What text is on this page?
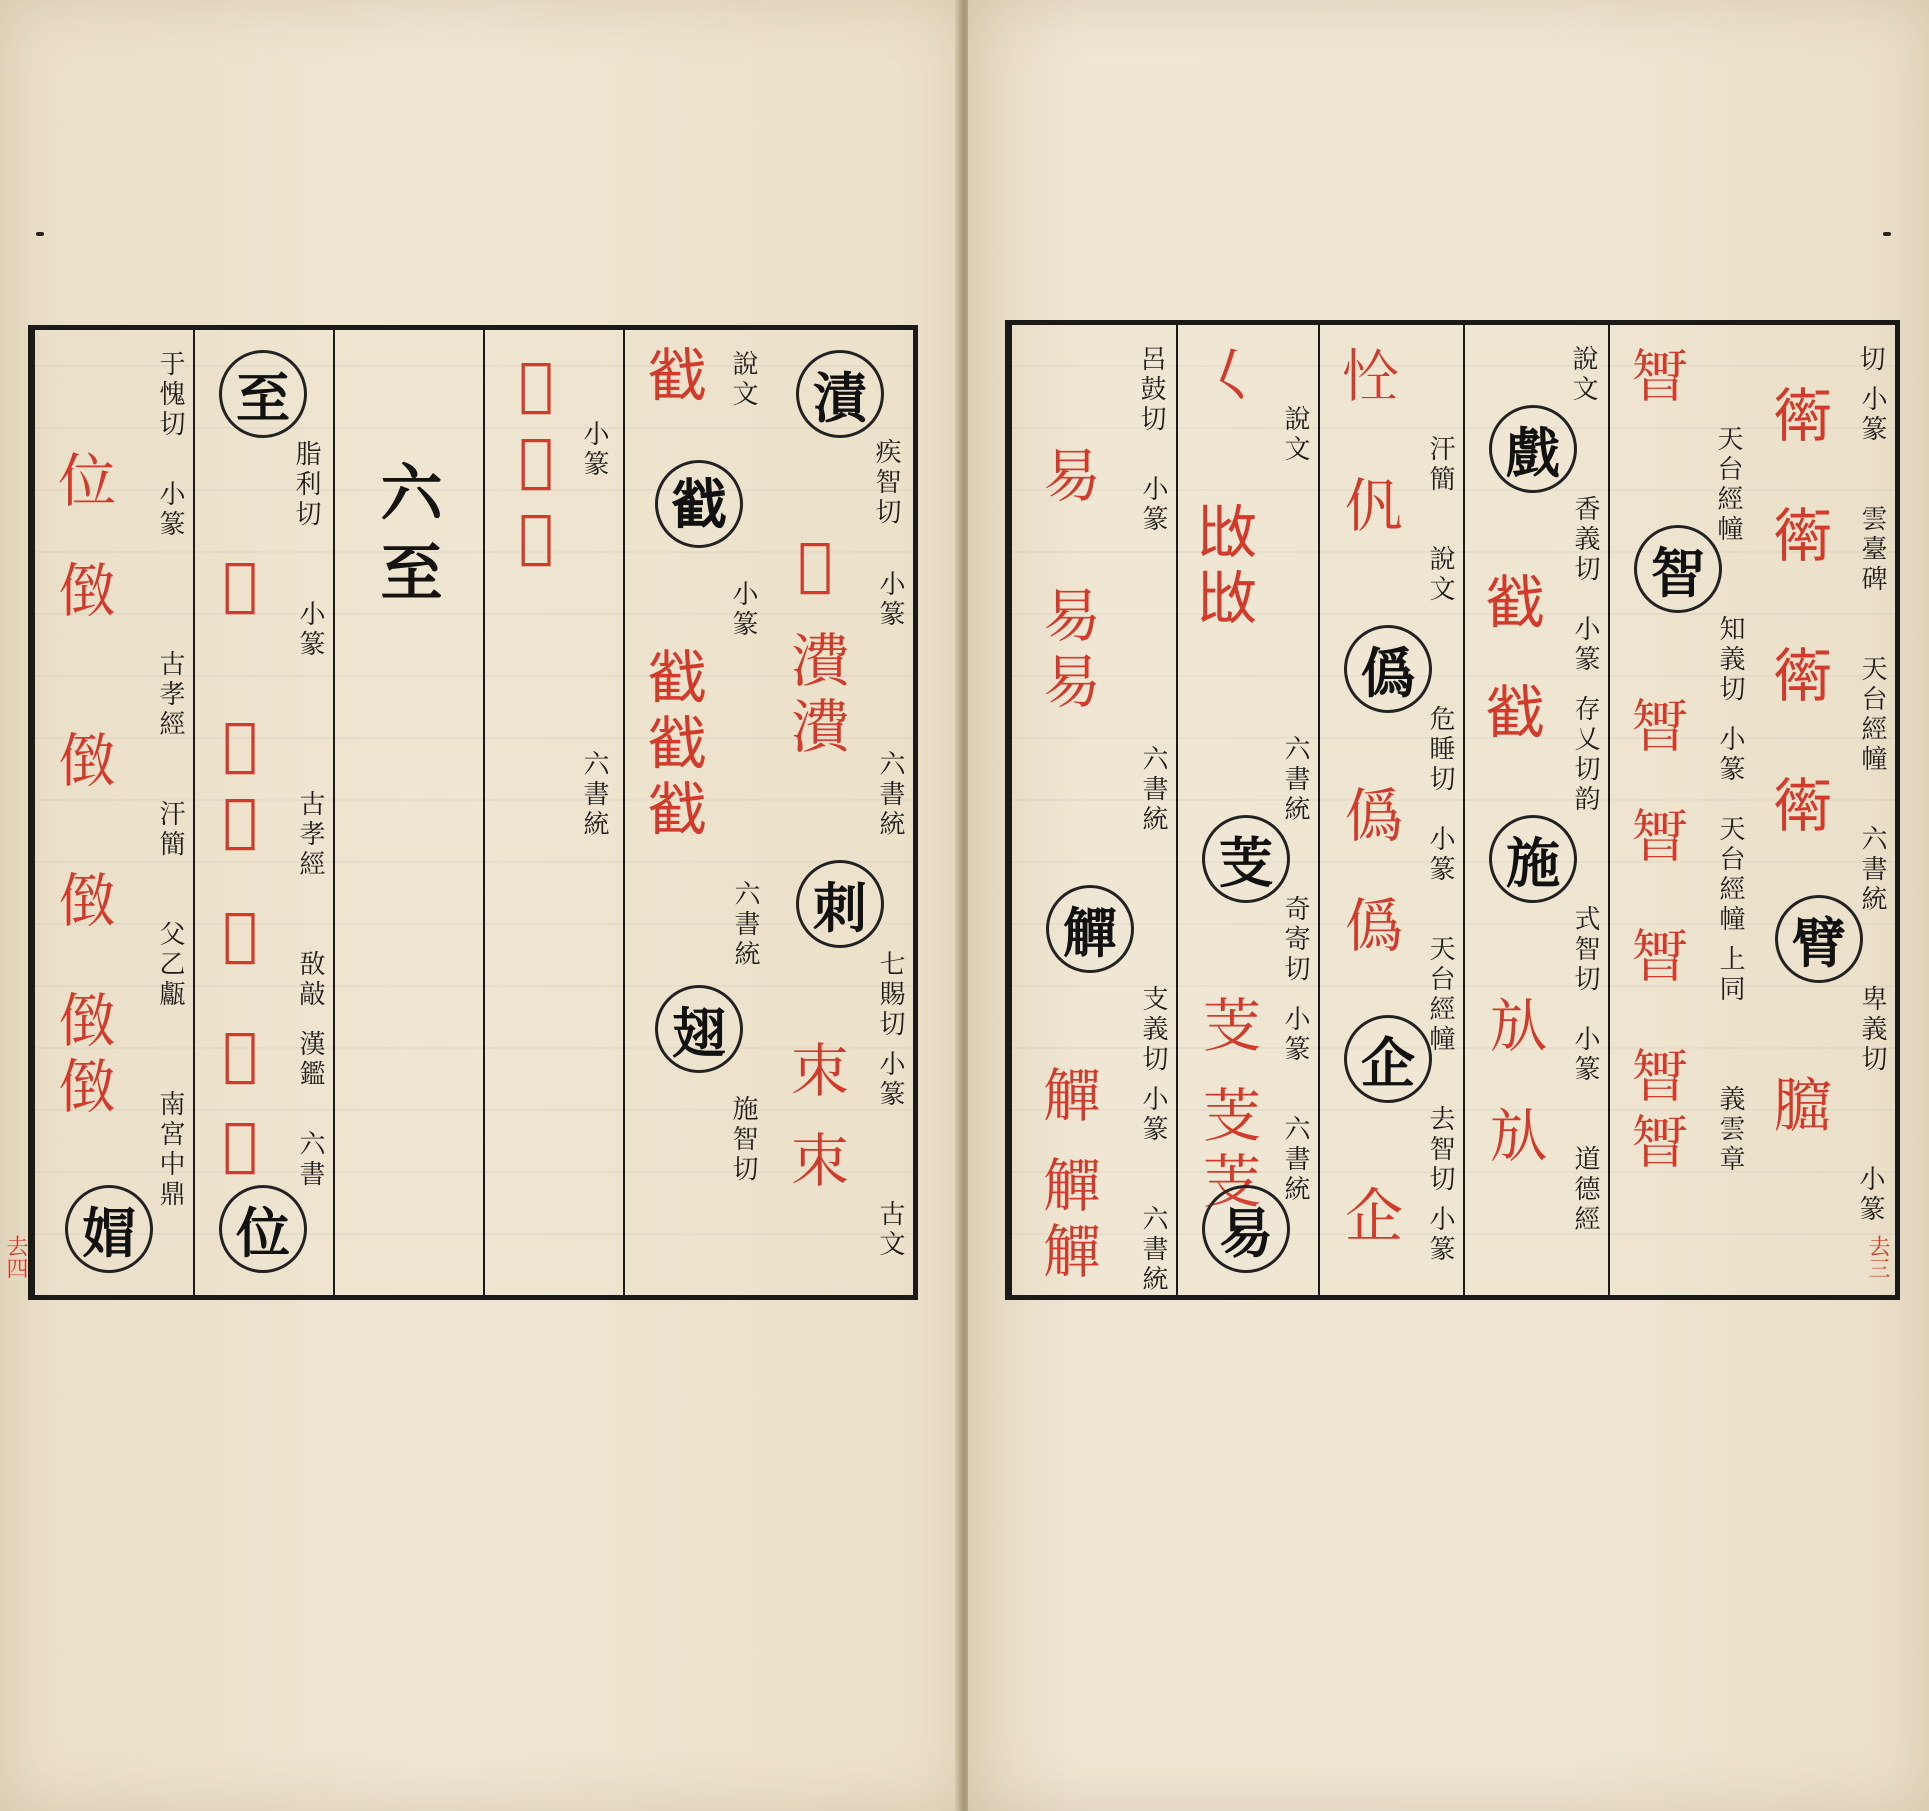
漬
疾智切
𢿯 小篆
㵒㵒
六書統
刺
七賜切
朿 小篆
朿
古文
說文
𢧵
𢧵
小篆
𢧵𢧵𢧵
六書統
翅
施智切
𦐠𦐠𦐠 小篆
六書統
六至
至
脂利切
𡍒
小篆
𡍒𡍒 古孝經
𡍒
敔敲
𡍒 漢鑑
𡍒 六書
位
于愧切
位 小篆
𠊷
古孝經
𠊷
汗簡
𠊷
父乙甗
𠊷𠊷
南宮中鼎
媢
去四
切
𧗿 小篆
𧗿 雲臺碑
𧗿 天台經幢
𧗿
六書統
臂
卑義切
𦡆
小篆
𣉻
天台經幢
智
知義切
𣉻 小篆
𣉻 天台經幢
𣉻 上同
𣉻𣉻 義雲章
說文
戲
香義切
𢧵
小篆
𢧵 存乂切韵
施
式智切
㫃 小篆
㫃
道德經
𢘐
汗簡
𠆩
說文
僞
危睡切
僞
小篆
僞
天台經幢
企
去智切
企 小篆
𡿨
說文
𢻹𢻹
六書統
芰
奇寄切
芰 小篆
芰芰 六書統
易
呂鼓切
易 小篆
易易
六書統
觶
支義切
觶 小篆
觶觶 六書統	去三
